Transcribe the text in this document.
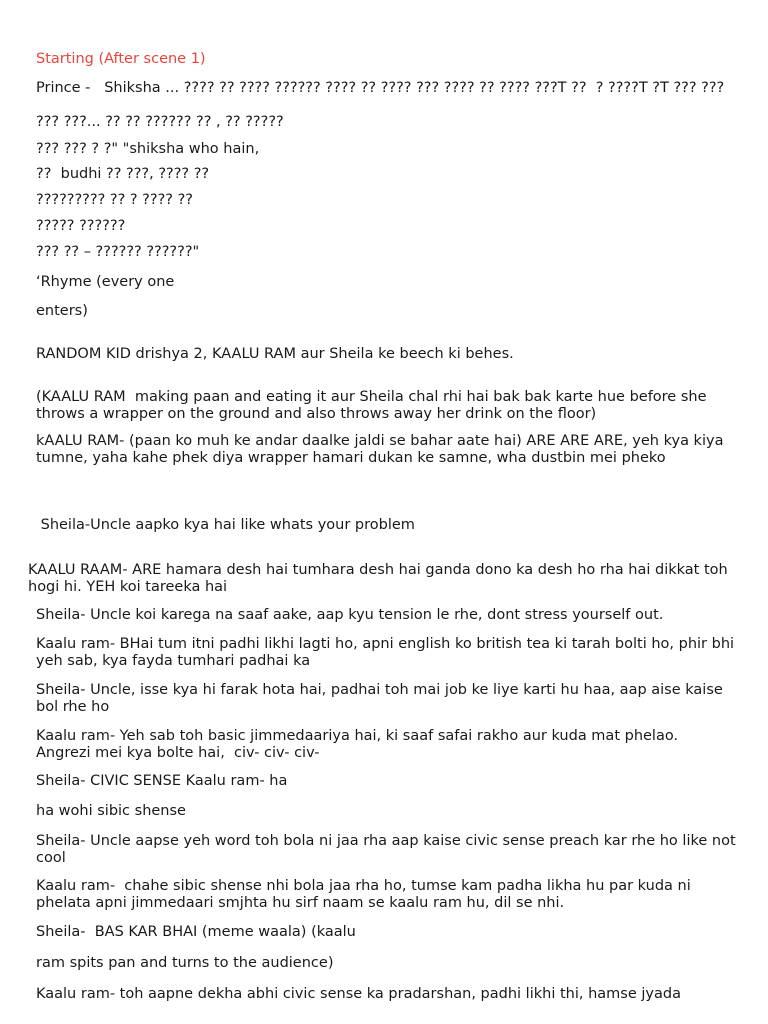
Starting (After scene 1)

Prince -   Shiksha ... ???? ?? ???? ?????? ???? ?? ???? ??? ???? ?? ???? ???T ??  ? ????T ?T ??? ???

??? ???... ?? ?? ?????? ?? , ?? ?????

??? ??? ? ?" "shiksha who hain,

??  budhi ?? ???, ???? ??

????????? ?? ? ???? ??

????? ??????

??? ?? – ?????? ??????"

‘Rhyme (every one

enters)

RANDOM KID drishya 2, KAALU RAM aur Sheila ke beech ki behes.

(KAALU RAM  making paan and eating it aur Sheila chal rhi hai bak bak karte hue before she throws a wrapper on the ground and also throws away her drink on the floor)

kAALU RAM- (paan ko muh ke andar daalke jaldi se bahar aate hai) ARE ARE ARE, yeh kya kiya tumne, yaha kahe phek diya wrapper hamari dukan ke samne, wha dustbin mei pheko

Sheila-Uncle aapko kya hai like whats your problem

KAALU RAAM- ARE hamara desh hai tumhara desh hai ganda dono ka desh ho rha hai dikkat toh hogi hi. YEH koi tareeka hai

Sheila- Uncle koi karega na saaf aake, aap kyu tension le rhe, dont stress yourself out.

Kaalu ram- BHai tum itni padhi likhi lagti ho, apni english ko british tea ki tarah bolti ho, phir bhi yeh sab, kya fayda tumhari padhai ka

Sheila- Uncle, isse kya hi farak hota hai, padhai toh mai job ke liye karti hu haa, aap aise kaise bol rhe ho

Kaalu ram- Yeh sab toh basic jimmedaariya hai, ki saaf safai rakho aur kuda mat phelao. Angrezi mei kya bolte hai,  civ- civ- civ-

Sheila- CIVIC SENSE Kaalu ram- ha

ha wohi sibic shense

Sheila- Uncle aapse yeh word toh bola ni jaa rha aap kaise civic sense preach kar rhe ho like not cool

Kaalu ram-  chahe sibic shense nhi bola jaa rha ho, tumse kam padha likha hu par kuda ni phelata apni jimmedaari smjhta hu sirf naam se kaalu ram hu, dil se nhi.

Sheila-  BAS KAR BHAI (meme waala) (kaalu

ram spits pan and turns to the audience)

Kaalu ram- toh aapne dekha abhi civic sense ka pradarshan, padhi likhi thi, hamse jyada
